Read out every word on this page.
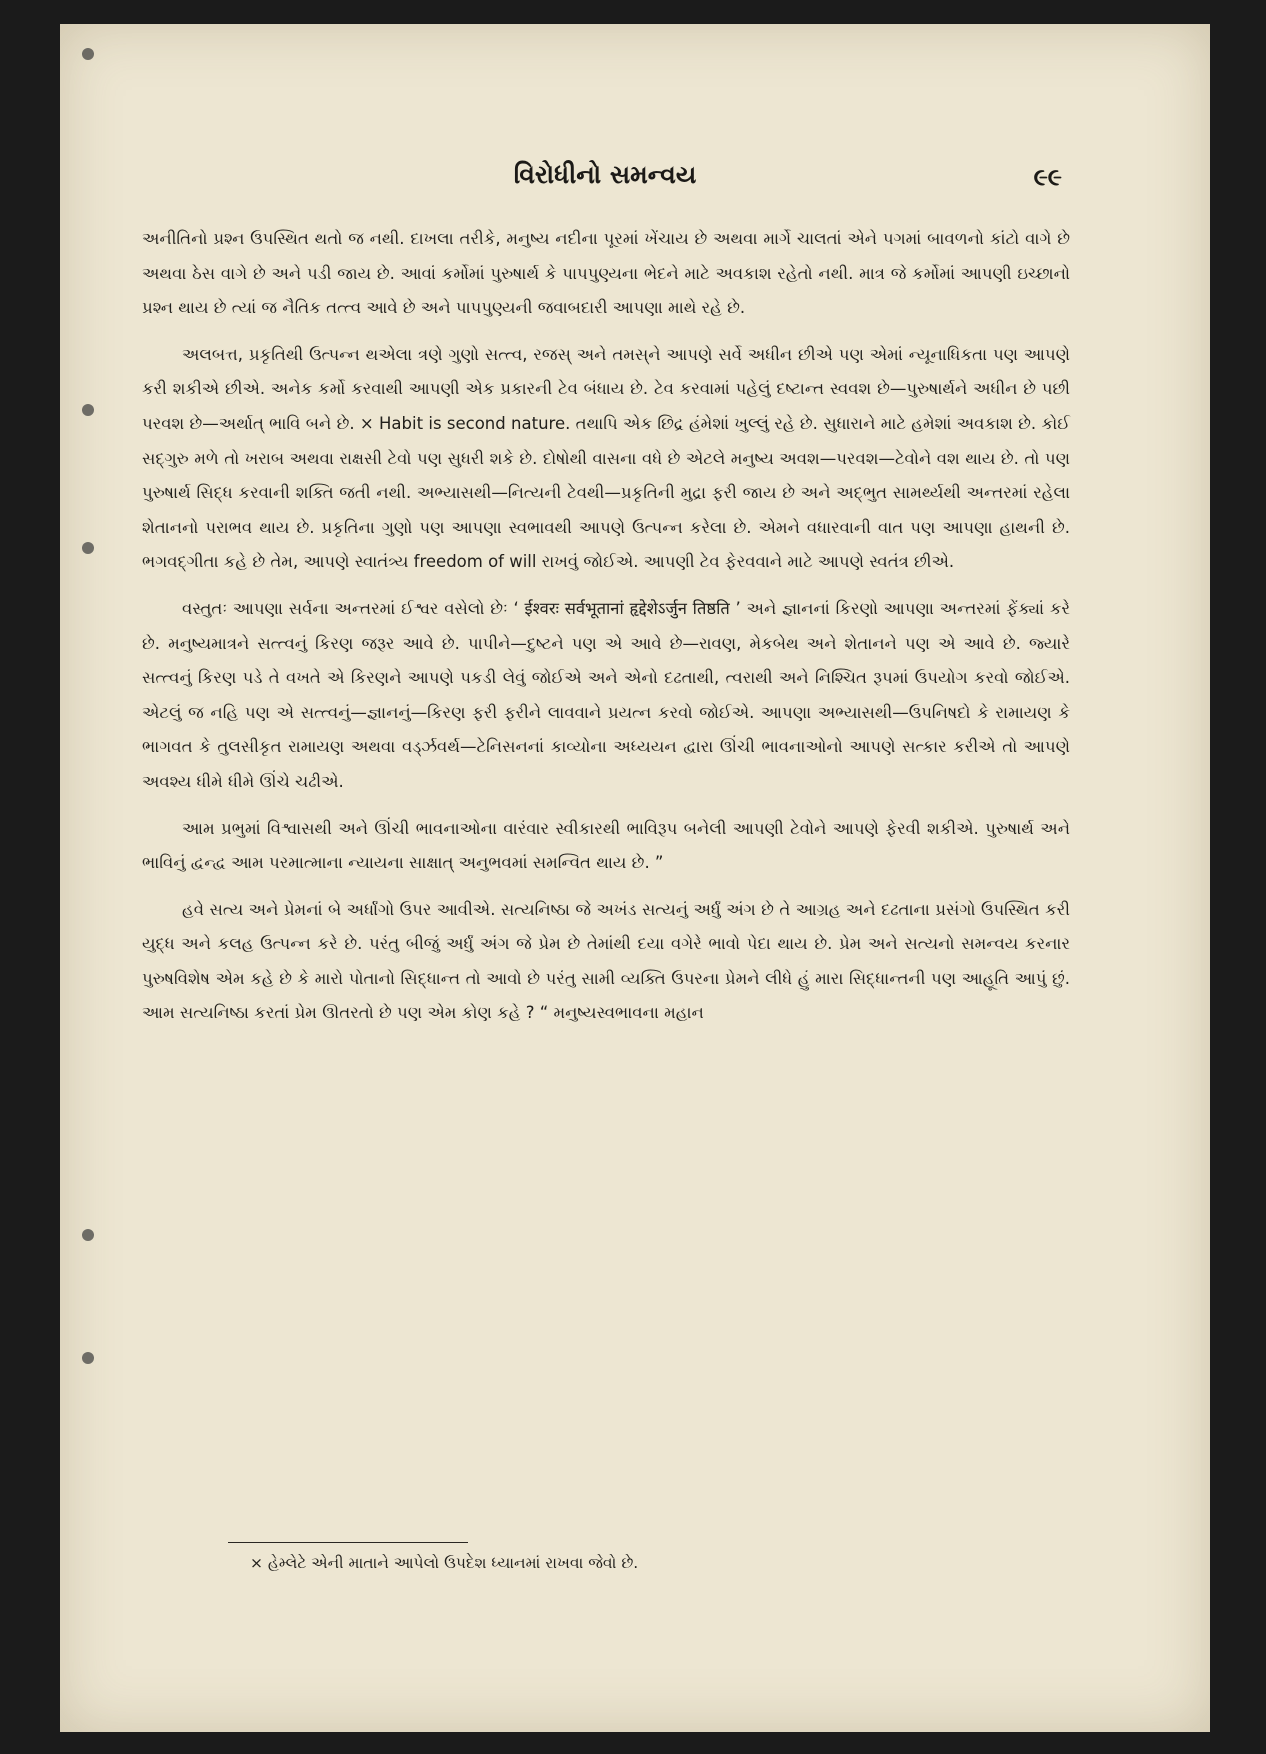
વિરોધીનો સમન્વય	૯૯

અનીતિનો પ્રશ્ન ઉપસ્થિત થતો જ નથી. દાખલા તરીકે, મનુષ્ય નદીના પૂરમાં ખેંચાય છે અથવા માર્ગે ચાલતાં એને પગમાં બાવળનો કાંટો વાગે છે અથવા ઠેસ વાગે છે અને પડી જાય છે. આવાં કર્મોમાં પુરુષાર્થ કે પાપપુણ્યના ભેદને માટે અવકાશ રહેતો નથી. માત્ર જે કર્મોમાં આપણી ઇચ્છાનો પ્રશ્ન થાય છે ત્યાં જ નૈતિક તત્ત્વ આવે છે અને પાપપુણ્યની જવાબદારી આપણા માથે રહે છે.

અલબત્ત, પ્રકૃતિથી ઉત્પન્ન થએલા ત્રણે ગુણો સત્ત્વ, રજસ્ અને તમસ્‌ને આપણે સર્વે અધીન છીએ પણ એમાં ન્યૂનાધિકતા પણ આપણે કરી શકીએ છીએ. અનેક કર્મો કરવાથી આપણી એક પ્રકારની ટેવ બંધાય છે. ટેવ કરવામાં પહેલું દષ્ટાન્ત સ્વવશ છે—પુરુષાર્થને અધીન છે પછી પરવશ છે—અર્થાત્ ભાવિ બને છે. × Habit is second nature. તથાપિ એક છિદ્ર હંમેશાં ખુલ્લું રહે છે. સુધારાને માટે હમેશાં અવકાશ છે. કોઈ સદ્‌ગુરુ મળે તો ખરાબ અથવા રાક્ષસી ટેવો પણ સુધરી શકે છે. દોષોથી વાસના વધે છે એટલે મનુષ્ય અવશ—પરવશ—ટેવોને વશ થાય છે. તો પણ પુરુષાર્થ સિદ્ધ કરવાની શક્તિ જતી નથી. અભ્યાસથી—નિત્યની ટેવથી—પ્રકૃતિની મુદ્રા ફરી જાય છે અને અદ્‌ભુત સામર્થ્યથી અન્તરમાં રહેલા શેતાનનો પરાભવ થાય છે. પ્રકૃતિના ગુણો પણ આપણા સ્વભાવથી આપણે ઉત્પન્ન કરેલા છે. એમને વધારવાની વાત પણ આપણા હાથની છે. ભગવદ્‌ગીતા કહે છે તેમ, આપણે સ્વાતંત્ર્ય freedom of will રાખવું જોઈએ. આપણી ટેવ ફેરવવાને માટે આપણે સ્વતંત્ર છીએ.

વસ્તુતઃ આપણા સર્વના અન્તરમાં ઈશ્વર વસેલો છેઃ ‘ ईश्वरः सर्वभूतानां हृद्देशेऽर्जुन तिष्ठति ’ અને જ્ઞાનનાં કિરણો આપણા અન્તરમાં ફેંક્યાં કરે છે. મનુષ્યમાત્રને સત્ત્વનું કિરણ જરૂર આવે છે. પાપીને—દુષ્ટને પણ એ આવે છે—રાવણ, મેકબેથ અને શેતાનને પણ એ આવે છે. જ્યારે સત્ત્વનું કિરણ પડે તે વખતે એ કિરણને આપણે પકડી લેવું જોઈએ અને એનો દઢતાથી, ત્વરાથી અને નિશ્ચિત રૂપમાં ઉપયોગ કરવો જોઈએ. એટલું જ નહિ પણ એ સત્ત્વનું—જ્ઞાનનું—કિરણ ફરી ફરીને લાવવાને પ્રયત્ન કરવો જોઈએ. આપણા અભ્યાસથી—ઉપનિષદો કે રામાયણ કે ભાગવત કે તુલસીકૃત રામાયણ અથવા વર્ડ્ઝવર્થ—ટેનિસનનાં કાવ્યોના અધ્યયન દ્વારા ઊંચી ભાવનાઓનો આપણે સત્કાર કરીએ તો આપણે અવશ્ય ધીમે ધીમે ઊંચે ચઢીએ.

આમ પ્રભુમાં વિશ્વાસથી અને ઊંચી ભાવનાઓના વારંવાર સ્વીકારથી ભાવિરૂપ બનેલી આપણી ટેવોને આપણે ફેરવી શકીએ. પુરુષાર્થ અને ભાવિનું દ્વન્દ્વ આમ પરમાત્માના ન્યાયના સાક્ષાત્ અનુભવમાં સમન્વિત થાય છે. ”

હવે સત્ય અને પ્રેમનાં બે અર્ધાંગો ઉપર આવીએ. સત્યનિષ્ઠા જે અખંડ સત્યનું અર્ધું અંગ છે તે આગ્રહ અને દઢતાના પ્રસંગો ઉપસ્થિત કરી યુદ્ધ અને કલહ ઉત્પન્ન કરે છે. પરંતુ બીજું અર્ધું અંગ જે પ્રેમ છે તેમાંથી દયા વગેરે ભાવો પેદા થાય છે. પ્રેમ અને સત્યનો સમન્વય કરનાર પુરુષવિશેષ એમ કહે છે કે મારો પોતાનો સિદ્ધાન્ત તો આવો છે પરંતુ સામી વ્યક્તિ ઉપરના પ્રેમને લીધે હું મારા સિદ્ધાન્તની પણ આહૂતિ આપું છું. આમ સત્યનિષ્ઠા કરતાં પ્રેમ ઊતરતો છે પણ એમ કોણ કહે ? “ મનુષ્યસ્વભાવના મહાન

× હેમ્લેટે એની માતાને આપેલો ઉપદેશ ધ્યાનમાં રાખવા જેવો છે.
